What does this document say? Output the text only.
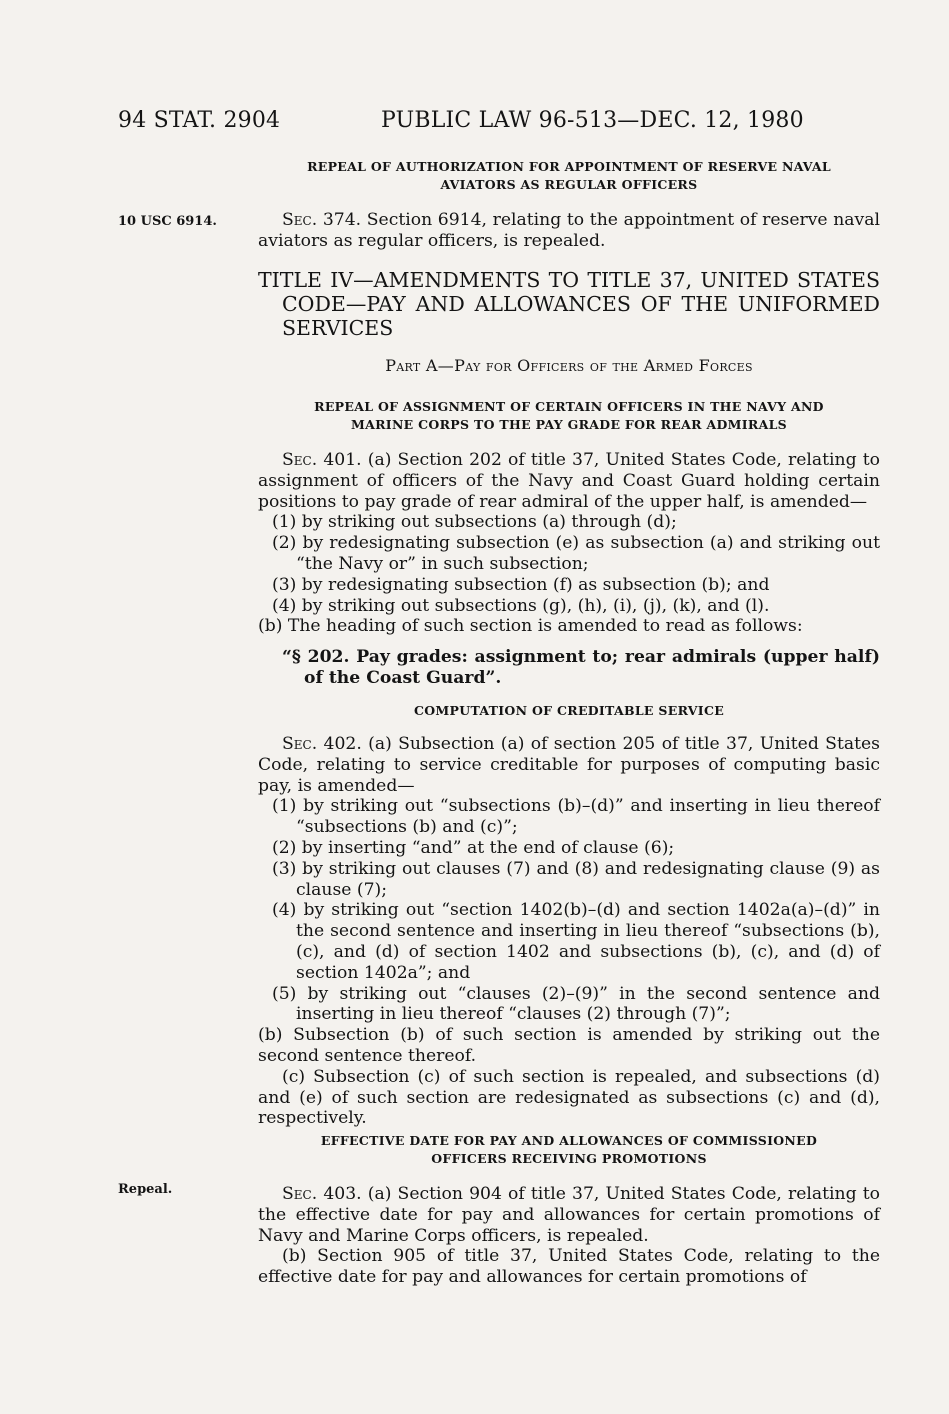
94 STAT. 2904	PUBLIC LAW 96-513—DEC. 12, 1980
REPEAL OF AUTHORIZATION FOR APPOINTMENT OF RESERVE NAVAL
AVIATORS AS REGULAR OFFICERS
10 USC 6914.	Sec. 374. Section 6914, relating to the appointment of reserve naval aviators as regular officers, is repealed.

TITLE IV—AMENDMENTS TO TITLE 37, UNITED STATES CODE—PAY AND ALLOWANCES OF THE UNIFORMED SERVICES
Part A—Pay for Officers of the Armed Forces
REPEAL OF ASSIGNMENT OF CERTAIN OFFICERS IN THE NAVY AND
MARINE CORPS TO THE PAY GRADE FOR REAR ADMIRALS

Sec. 401. (a) Section 202 of title 37, United States Code, relating to assignment of officers of the Navy and Coast Guard holding certain positions to pay grade of rear admiral of the upper half, is amended—

(1) by striking out subsections (a) through (d);

(2) by redesignating subsection (e) as subsection (a) and striking out “the Navy or” in such subsection;

(3) by redesignating subsection (f) as subsection (b); and

(4) by striking out subsections (g), (h), (i), (j), (k), and (l).

(b) The heading of such section is amended to read as follows:

“§ 202. Pay grades: assignment to; rear admirals (upper half) of the Coast Guard”.

COMPUTATION OF CREDITABLE SERVICE

Sec. 402. (a) Subsection (a) of section 205 of title 37, United States Code, relating to service creditable for purposes of computing basic pay, is amended—

(1) by striking out “subsections (b)–(d)” and inserting in lieu thereof “subsections (b) and (c)”;

(2) by inserting “and” at the end of clause (6);

(3) by striking out clauses (7) and (8) and redesignating clause (9) as clause (7);

(4) by striking out “section 1402(b)–(d) and section 1402a(a)–(d)” in the second sentence and inserting in lieu thereof “subsections (b), (c), and (d) of section 1402 and subsections (b), (c), and (d) of section 1402a”; and

(5) by striking out “clauses (2)–(9)” in the second sentence and inserting in lieu thereof “clauses (2) through (7)”;

(b) Subsection (b) of such section is amended by striking out the second sentence thereof.

(c) Subsection (c) of such section is repealed, and subsections (d) and (e) of such section are redesignated as subsections (c) and (d), respectively.

EFFECTIVE DATE FOR PAY AND ALLOWANCES OF COMMISSIONED
OFFICERS RECEIVING PROMOTIONS
Repeal.	Sec. 403. (a) Section 904 of title 37, United States Code, relating to the effective date for pay and allowances for certain promotions of Navy and Marine Corps officers, is repealed.

(b) Section 905 of title 37, United States Code, relating to the effective date for pay and allowances for certain promotions of
